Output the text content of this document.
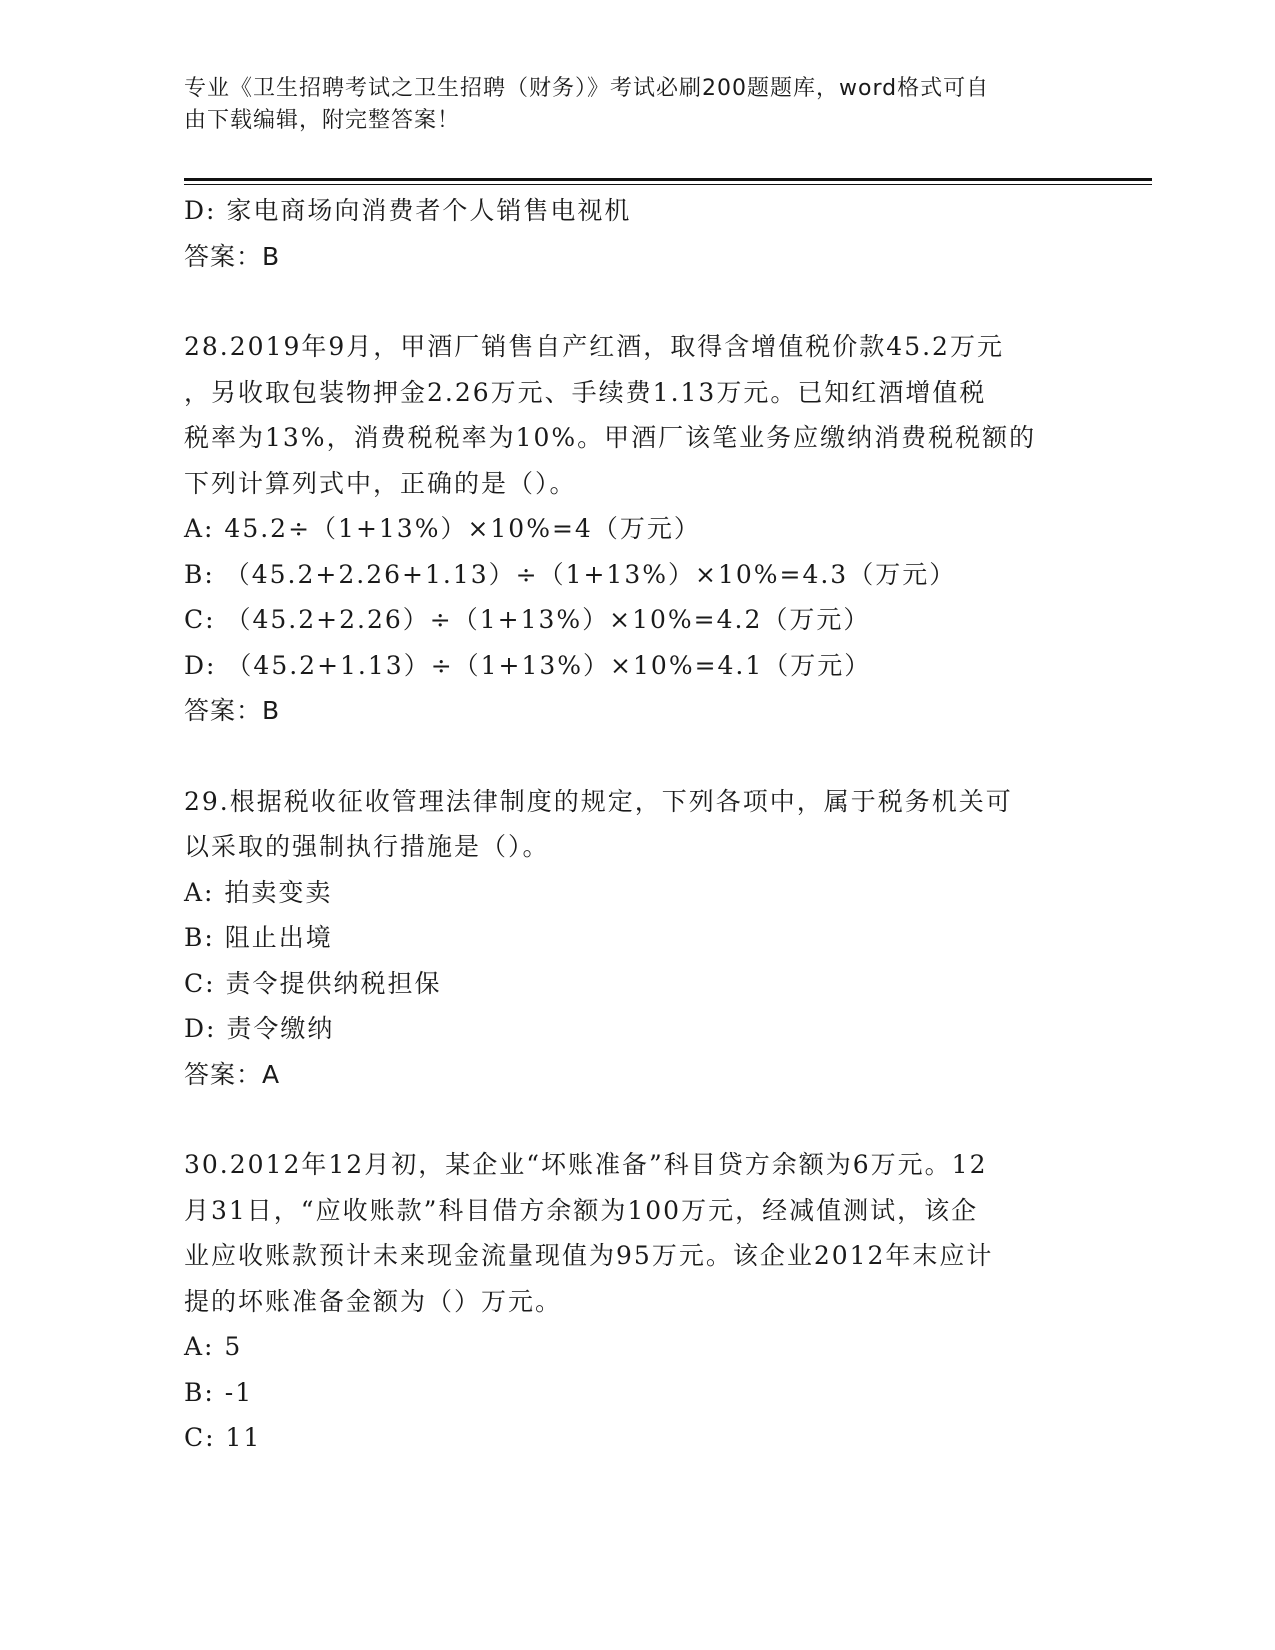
专业《卫生招聘考试之卫生招聘（财务）》考试必刷200题题库，word格式可自
由下载编辑，附完整答案！
D: 家电商场向消费者个人销售电视机
答案：B
28.2019年9月，甲酒厂销售自产红酒，取得含增值税价款45.2万元
，另收取包装物押金2.26万元、手续费1.13万元。已知红酒增值税
税率为13%，消费税税率为10%。甲酒厂该笔业务应缴纳消费税税额的
下列计算列式中，正确的是（）。
A: 45.2÷（1+13%）×10%=4（万元）
B: （45.2+2.26+1.13）÷（1+13%）×10%=4.3（万元）
C: （45.2+2.26）÷（1+13%）×10%=4.2（万元）
D: （45.2+1.13）÷（1+13%）×10%=4.1（万元）
答案：B
29.根据税收征收管理法律制度的规定，下列各项中，属于税务机关可
以采取的强制执行措施是（）。
A: 拍卖变卖
B: 阻止出境
C: 责令提供纳税担保
D: 责令缴纳
答案：A
30.2012年12月初，某企业“坏账准备”科目贷方余额为6万元。12
月31日，“应收账款”科目借方余额为100万元，经减值测试，该企
业应收账款预计未来现金流量现值为95万元。该企业2012年末应计
提的坏账准备金额为（）万元。
A: 5
B: -1
C: 11
